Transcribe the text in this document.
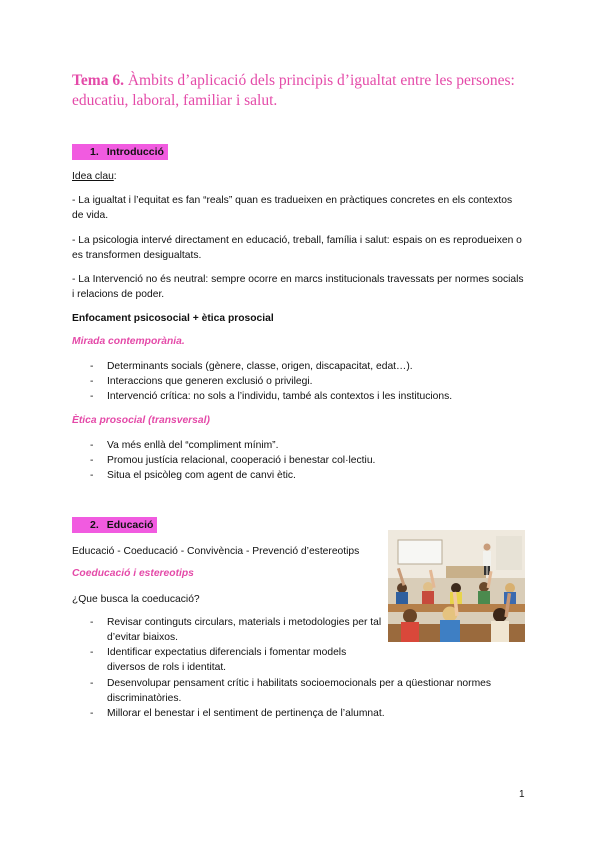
Tema 6. Àmbits d’aplicació dels principis d’igualtat entre les persones: educatiu, laboral, familiar i salut.
1. Introducció
Idea clau:
- La igualtat i l’equitat es fan “reals” quan es tradueixen en pràctiques concretes en els contextos de vida.
- La psicologia intervé directament en educació, treball, família i salut: espais on es reprodueixen o es transformen desigualtats.
- La Intervenció no és neutral: sempre ocorre en marcs institucionals travessats per normes socials i relacions de poder.
Enfocament psicosocial + ètica prosocial
Mirada contemporània.
- Determinants socials (gènere, classe, origen, discapacitat, edat…).
- Interaccions que generen exclusió o privilegi.
- Intervenció crítica: no sols a l’individu, també als contextos i les institucions.
Ètica prosocial (transversal)
- Va més enllà del “compliment mínim”.
- Promou justícia relacional, cooperació i benestar col·lectiu.
- Situa el psicòleg com agent de canvi ètic.
2. Educació
Educació - Coeducació - Convivència - Prevenció d’estereotips
Coeducació i estereotips
¿Que busca la coeducació?
- Revisar continguts circulars, materials i metodologies per tal d’evitar biaixos.
- Identificar expectatius diferencials i fomentar models diversos de rols i identitat.
- Desenvolupar pensament crític i habilitats socioemocionals per a qüestionar normes discriminatòries.
- Millorar el benestar i el sentiment de pertinença de l’alumnat.
1
